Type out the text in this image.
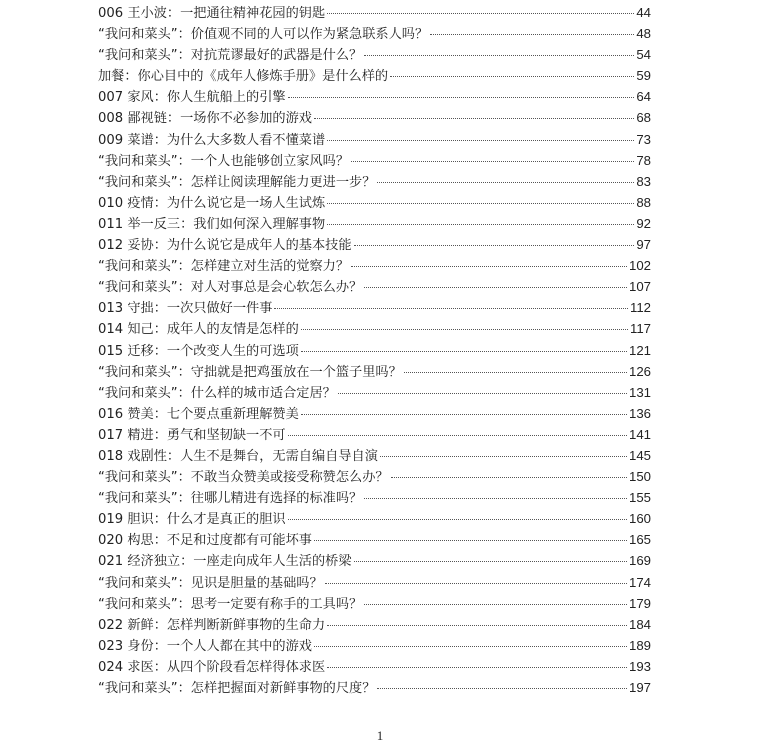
006 王小波：一把通往精神花园的钥匙	44
“我问和菜头”：价值观不同的人可以作为紧急联系人吗？	48
“我问和菜头”：对抗荒谬最好的武器是什么？	54
加餐：你心目中的《成年人修炼手册》是什么样的	59
007 家风：你人生航船上的引擎	64
008 鄙视链：一场你不必参加的游戏	68
009 菜谱：为什么大多数人看不懂菜谱	73
“我问和菜头”：一个人也能够创立家风吗？	78
“我问和菜头”：怎样让阅读理解能力更进一步？	83
010 疫情：为什么说它是一场人生试炼	88
011 举一反三：我们如何深入理解事物	92
012 妥协：为什么说它是成年人的基本技能	97
“我问和菜头”：怎样建立对生活的觉察力？	102
“我问和菜头”：对人对事总是会心软怎么办？	107
013 守拙：一次只做好一件事	112
014 知己：成年人的友情是怎样的	117
015 迁移：一个改变人生的可选项	121
“我问和菜头”：守拙就是把鸡蛋放在一个篮子里吗？	126
“我问和菜头”：什么样的城市适合定居？	131
016 赞美：七个要点重新理解赞美	136
017 精进：勇气和坚韧缺一不可	141
018 戏剧性：人生不是舞台，无需自编自导自演	145
“我问和菜头”：不敢当众赞美或接受称赞怎么办？	150
“我问和菜头”：往哪儿精进有选择的标准吗？	155
019 胆识：什么才是真正的胆识	160
020 构思：不足和过度都有可能坏事	165
021 经济独立：一座走向成年人生活的桥梁	169
“我问和菜头”：见识是胆量的基础吗？	174
“我问和菜头”：思考一定要有称手的工具吗？	179
022 新鲜：怎样判断新鲜事物的生命力	184
023 身份：一个人人都在其中的游戏	189
024 求医：从四个阶段看怎样得体求医	193
“我问和菜头”：怎样把握面对新鲜事物的尺度？	197
1
